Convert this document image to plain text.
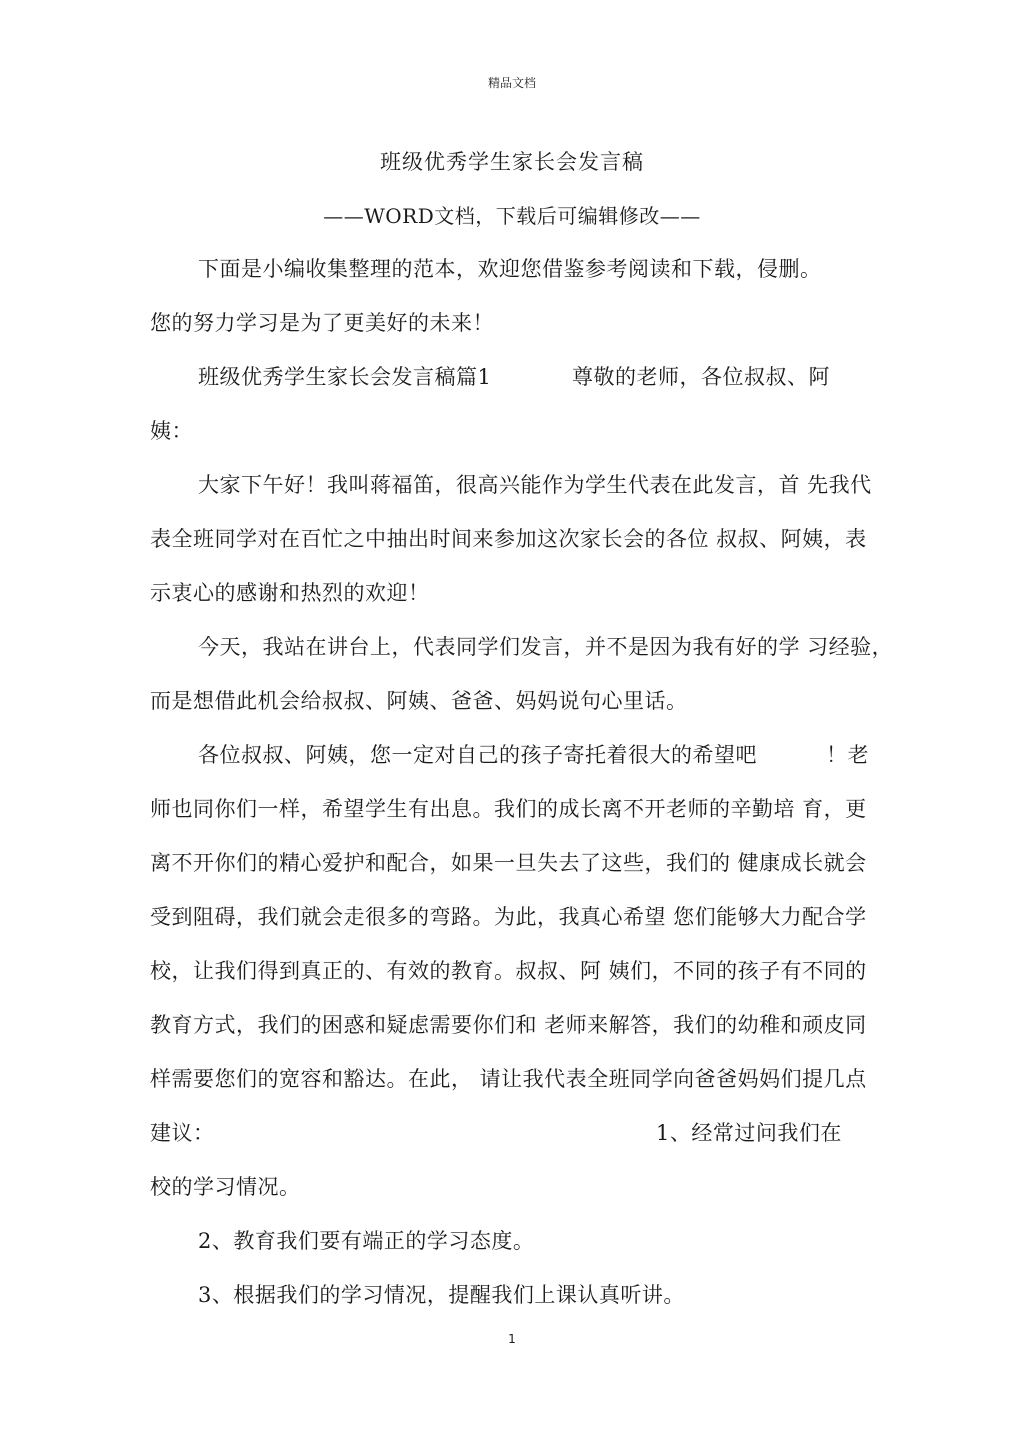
精品文档
班级优秀学生家长会发言稿
——WORD文档，下载后可编辑修改——
下面是小编收集整理的范本，欢迎您借鉴参考阅读和下载，侵删。
您的努力学习是为了更美好的未来！
班级优秀学生家长会发言稿篇1	尊敬的老师，各位叔叔、阿
姨：
大家下午好！我叫蒋福笛，很高兴能作为学生代表在此发言，首 先我代
表全班同学对在百忙之中抽出时间来参加这次家长会的各位 叔叔、阿姨，表
示衷心的感谢和热烈的欢迎！
今天，我站在讲台上，代表同学们发言，并不是因为我有好的学 习经验，
而是想借此机会给叔叔、阿姨、爸爸、妈妈说句心里话。
各位叔叔、阿姨，您一定对自己的孩子寄托着很大的希望吧	！老
师也同你们一样，希望学生有出息。我们的成长离不开老师的辛勤培 育，更
离不开你们的精心爱护和配合，如果一旦失去了这些，我们的 健康成长就会
受到阻碍，我们就会走很多的弯路。为此，我真心希望 您们能够大力配合学
校，让我们得到真正的、有效的教育。叔叔、阿 姨们，不同的孩子有不同的
教育方式，我们的困惑和疑虑需要你们和 老师来解答，我们的幼稚和顽皮同
样需要您们的宽容和豁达。在此， 请让我代表全班同学向爸爸妈妈们提几点
建议：	1、经常过问我们在
校的学习情况。
2、教育我们要有端正的学习态度。
3、根据我们的学习情况，提醒我们上课认真听讲。
1
